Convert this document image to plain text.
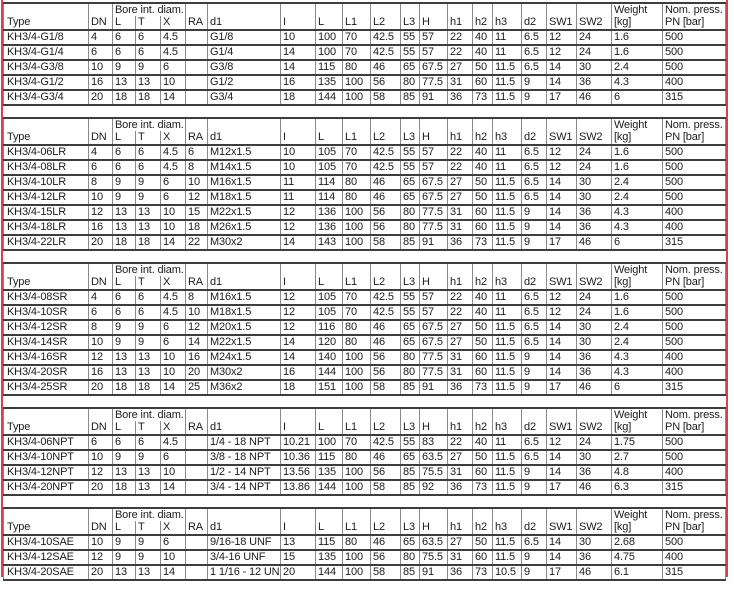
		Bore int. diam.																	Weight	Nom. press.
Type	DN	L	T	X	RA	d1	I	L	L1	L2	L3	H	h1	h2	h3	d2	SW1	SW2	[kg]	PN [bar]
KH3/4-G1/8	4	6	6	4.5		G1/8	10	100	70	42.5	55	57	22	40	11	6.5	12	24	1.6	500
KH3/4-G1/4	6	6	6	4.5		G1/4	14	100	70	42.5	55	57	22	40	11	6.5	12	24	1.6	500
KH3/4-G3/8	10	9	9	6		G3/8	14	115	80	46	65	67.5	27	50	11.5	6.5	14	30	2.4	500
KH3/4-G1/2	16	13	13	10		G1/2	16	135	100	56	80	77.5	31	60	11.5	9	14	36	4.3	400
KH3/4-G3/4	20	18	18	14		G3/4	18	144	100	58	85	91	36	73	11.5	9	17	46	6	315
		Bore int. diam.																	Weight	Nom. press.
Type	DN	L	T	X	RA	d1	I	L	L1	L2	L3	H	h1	h2	h3	d2	SW1	SW2	[kg]	PN [bar]
KH3/4-06LR	4	6	6	4.5	6	M12x1.5	10	105	70	42.5	55	57	22	40	11	6.5	12	24	1.6	500
KH3/4-08LR	6	6	6	4.5	8	M14x1.5	10	105	70	42.5	55	57	22	40	11	6.5	12	24	1.6	500
KH3/4-10LR	8	9	9	6	10	M16x1.5	11	114	80	46	65	67.5	27	50	11.5	6.5	14	30	2.4	500
KH3/4-12LR	10	9	9	6	12	M18x1.5	11	114	80	46	65	67.5	27	50	11.5	6.5	14	30	2.4	500
KH3/4-15LR	12	13	13	10	15	M22x1.5	12	136	100	56	80	77.5	31	60	11.5	9	14	36	4.3	400
KH3/4-18LR	16	13	13	10	18	M26x1.5	12	136	100	56	80	77.5	31	60	11.5	9	14	36	4.3	400
KH3/4-22LR	20	18	18	14	22	M30x2	14	143	100	58	85	91	36	73	11.5	9	17	46	6	315
		Bore int. diam.																	Weight	Nom. press.
Type	DN	L	T	X	RA	d1	I	L	L1	L2	L3	H	h1	h2	h3	d2	SW1	SW2	[kg]	PN [bar]
KH3/4-08SR	4	6	6	4.5	8	M16x1.5	12	105	70	42.5	55	57	22	40	11	6.5	12	24	1.6	500
KH3/4-10SR	6	6	6	4.5	10	M18x1.5	12	105	70	42.5	55	57	22	40	11	6.5	12	24	1.6	500
KH3/4-12SR	8	9	9	6	12	M20x1.5	12	116	80	46	65	67.5	27	50	11.5	6.5	14	30	2.4	500
KH3/4-14SR	10	9	9	6	14	M22x1.5	14	120	80	46	65	67.5	27	50	11.5	6.5	14	30	2.4	500
KH3/4-16SR	12	13	13	10	16	M24x1.5	14	140	100	56	80	77.5	31	60	11.5	9	14	36	4.3	400
KH3/4-20SR	16	13	13	10	20	M30x2	16	144	100	56	80	77.5	31	60	11.5	9	14	36	4.3	400
KH3/4-25SR	20	18	18	14	25	M36x2	18	151	100	58	85	91	36	73	11.5	9	17	46	6	315
		Bore int. diam.																	Weight	Nom. press.
Type	DN	L	T	X	RA	d1	I	L	L1	L2	L3	H	h1	h2	h3	d2	SW1	SW2	[kg]	PN [bar]
KH3/4-06NPT	6	6	6	4.5		1/4 - 18 NPT	10.21	100	70	42.5	55	83	22	40	11	6.5	12	24	1.75	500
KH3/4-10NPT	10	9	9	6		3/8 - 18 NPT	10.36	115	80	46	65	63.5	27	50	11.5	6.5	14	30	2.7	500
KH3/4-12NPT	12	13	13	10		1/2 - 14 NPT	13.56	135	100	56	85	75.5	31	60	11.5	9	14	36	4.8	400
KH3/4-20NPT	20	18	13	14		3/4 - 14 NPT	13.86	144	100	58	85	92	36	73	11.5	9	17	46	6.3	315
		Bore int. diam.																	Weight	Nom. press.
Type	DN	L	T	X	RA	d1	I	L	L1	L2	L3	H	h1	h2	h3	d2	SW1	SW2	[kg]	PN [bar]
KH3/4-10SAE	10	9	9	6		9/16-18 UNF	13	115	80	46	65	63.5	27	50	11.5	6.5	14	30	2.68	500
KH3/4-12SAE	12	9	9	10		3/4-16 UNF	15	135	100	56	80	75.5	31	60	11.5	9	14	36	4.75	400
KH3/4-20SAE	20	13	13	14		1 1/16 - 12 UN	20	144	100	58	85	91	36	73	10.5	9	17	46	6.1	315
